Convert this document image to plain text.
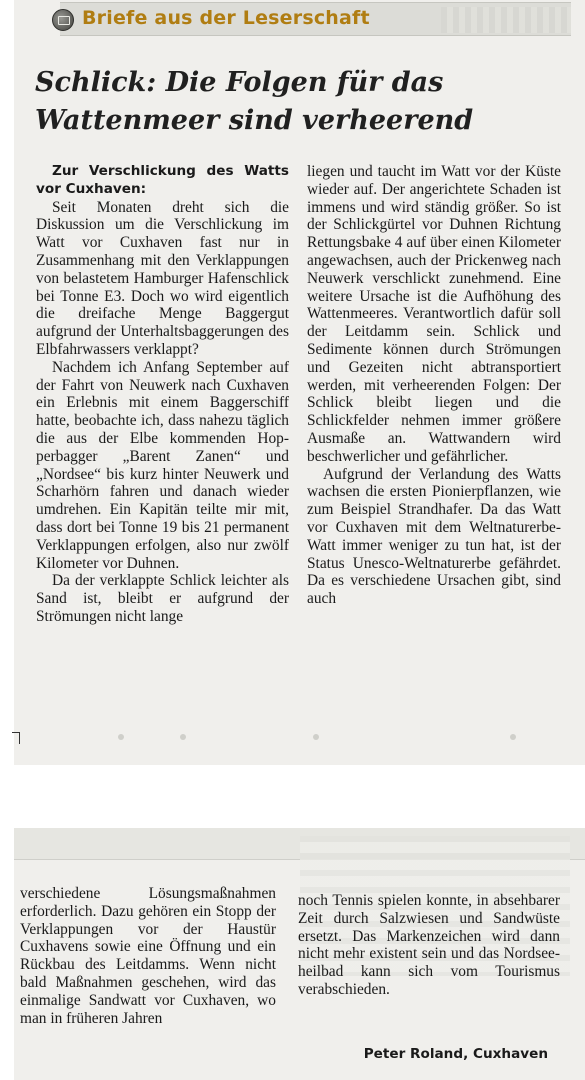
Briefe aus der Leserschaft
Schlick: Die Folgen für das
Wattenmeer sind verheerend

Zur Verschlickung des Watts vor Cuxhaven:

Seit Monaten dreht sich die Diskussion um die Verschlickung im Watt vor Cuxhaven fast nur in Zusammenhang mit den Verklappungen von belastetem Hamburger Hafenschlick bei Tonne E3. Doch wo wird eigentlich die dreifache Menge Baggergut aufgrund der Unterhaltsbaggerungen des Elbfahrwassers verklappt?

Nachdem ich Anfang September auf der Fahrt von Neuwerk nach Cuxhaven ein Erlebnis mit einem Baggerschiff hatte, beobachte ich, dass nahezu täglich die aus der Elbe kommenden Hopperbagger „Barent Zanen“ und „Nordsee“ bis kurz hinter Neuwerk und Scharhörn fahren und danach wieder umdrehen. Ein Kapitän teilte mir mit, dass dort bei Tonne 19 bis 21 permanent Verklappungen erfolgen, also nur zwölf Kilometer vor Duhnen.

Da der verklappte Schlick leichter als Sand ist, bleibt er aufgrund der Strömungen nicht lange

liegen und taucht im Watt vor der Küste wieder auf. Der angerichtete Schaden ist immens und wird ständig größer. So ist der Schlickgürtel vor Duhnen Richtung Rettungsbake 4 auf über einen Kilometer angewachsen, auch der Prickenweg nach Neuwerk verschlickt zunehmend. Eine weitere Ursache ist die Aufhöhung des Wattenmeeres. Verantwortlich dafür soll der Leitdamm sein. Schlick und Sedimente können durch Strömungen und Gezeiten nicht abtransportiert werden, mit verheerenden Folgen: Der Schlick bleibt liegen und die Schlickfelder nehmen immer größere Ausmaße an. Wattwandern wird beschwerlicher und gefährlicher.

Aufgrund der Verlandung des Watts wachsen die ersten Pionierpflanzen, wie zum Beispiel Strandhafer. Da das Watt vor Cuxhaven mit dem Weltnaturerbe-Watt immer weniger zu tun hat, ist der Status Unesco-Weltnaturerbe gefährdet. Da es verschiedene Ursachen gibt, sind auch

verschiedene Lösungsmaßnahmen erforderlich. Dazu gehören ein Stopp der Verklappungen vor der Haustür Cuxhavens sowie eine Öffnung und ein Rückbau des Leitdamms. Wenn nicht bald Maßnahmen geschehen, wird das einmalige Sandwatt vor Cuxhaven, wo man in früheren Jahren

noch Tennis spielen konnte, in absehbarer Zeit durch Salzwiesen und Sandwüste ersetzt. Das Markenzeichen wird dann nicht mehr existent sein und das Nordseeheilbad kann sich vom Tourismus verabschieden.

Peter Roland, Cuxhaven
